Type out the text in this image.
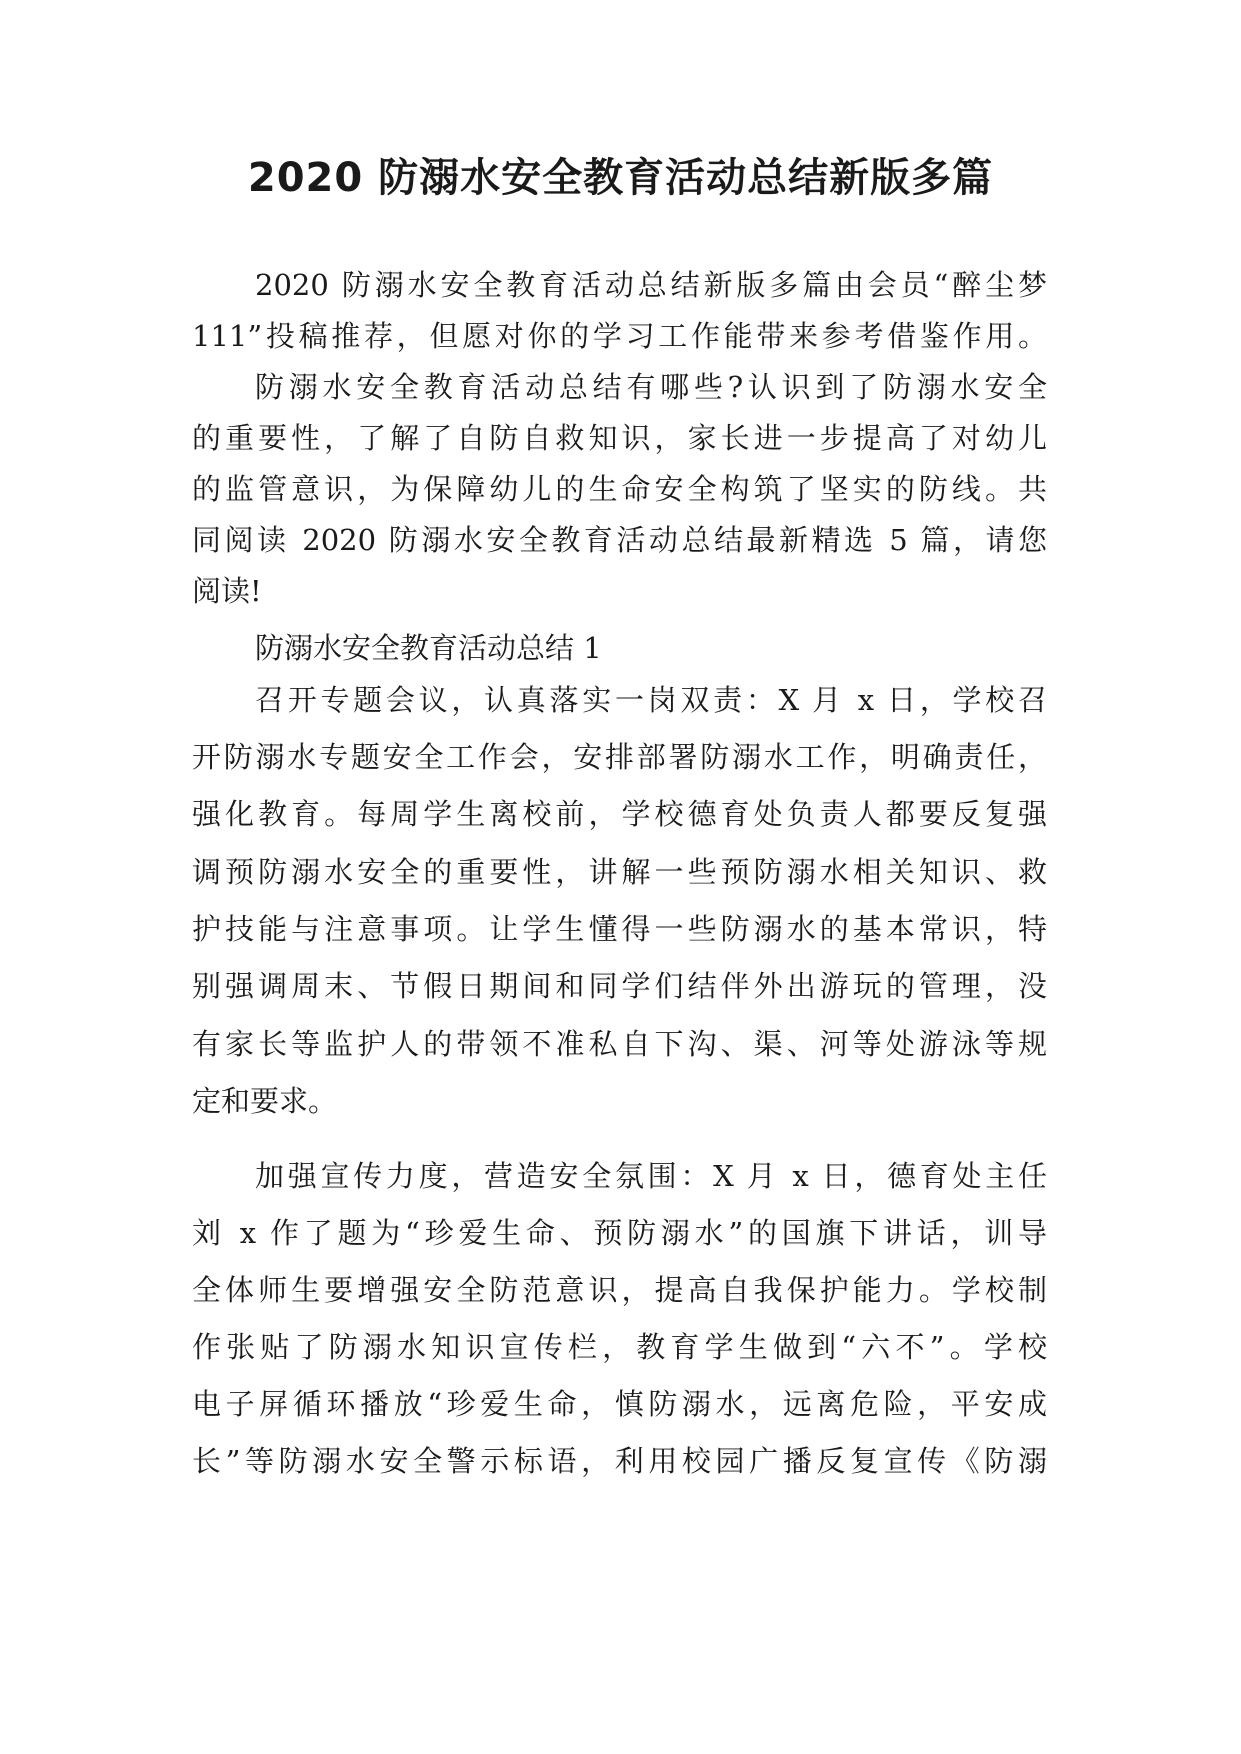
2020 防溺水安全教育活动总结新版多篇

2020 防溺水安全教育活动总结新版多篇由会员“醉尘梦

111”投稿推荐，但愿对你的学习工作能带来参考借鉴作用。

防溺水安全教育活动总结有哪些?认识到了防溺水安全

的重要性，了解了自防自救知识，家长进一步提高了对幼儿

的监管意识，为保障幼儿的生命安全构筑了坚实的防线。共

同阅读 2020 防溺水安全教育活动总结最新精选 5 篇，请您

阅读!

防溺水安全教育活动总结 1

召开专题会议，认真落实一岗双责：X 月 x 日，学校召

开防溺水专题安全工作会，安排部署防溺水工作，明确责任，

强化教育。每周学生离校前，学校德育处负责人都要反复强

调预防溺水安全的重要性，讲解一些预防溺水相关知识、救

护技能与注意事项。让学生懂得一些防溺水的基本常识，特

别强调周末、节假日期间和同学们结伴外出游玩的管理，没

有家长等监护人的带领不准私自下沟、渠、河等处游泳等规

定和要求。

加强宣传力度，营造安全氛围：X 月 x 日，德育处主任

刘 x 作了题为“珍爱生命、预防溺水”的国旗下讲话，训导

全体师生要增强安全防范意识，提高自我保护能力。学校制

作张贴了防溺水知识宣传栏，教育学生做到“六不”。学校

电子屏循环播放“珍爱生命，慎防溺水，远离危险，平安成

长”等防溺水安全警示标语，利用校园广播反复宣传《防溺
